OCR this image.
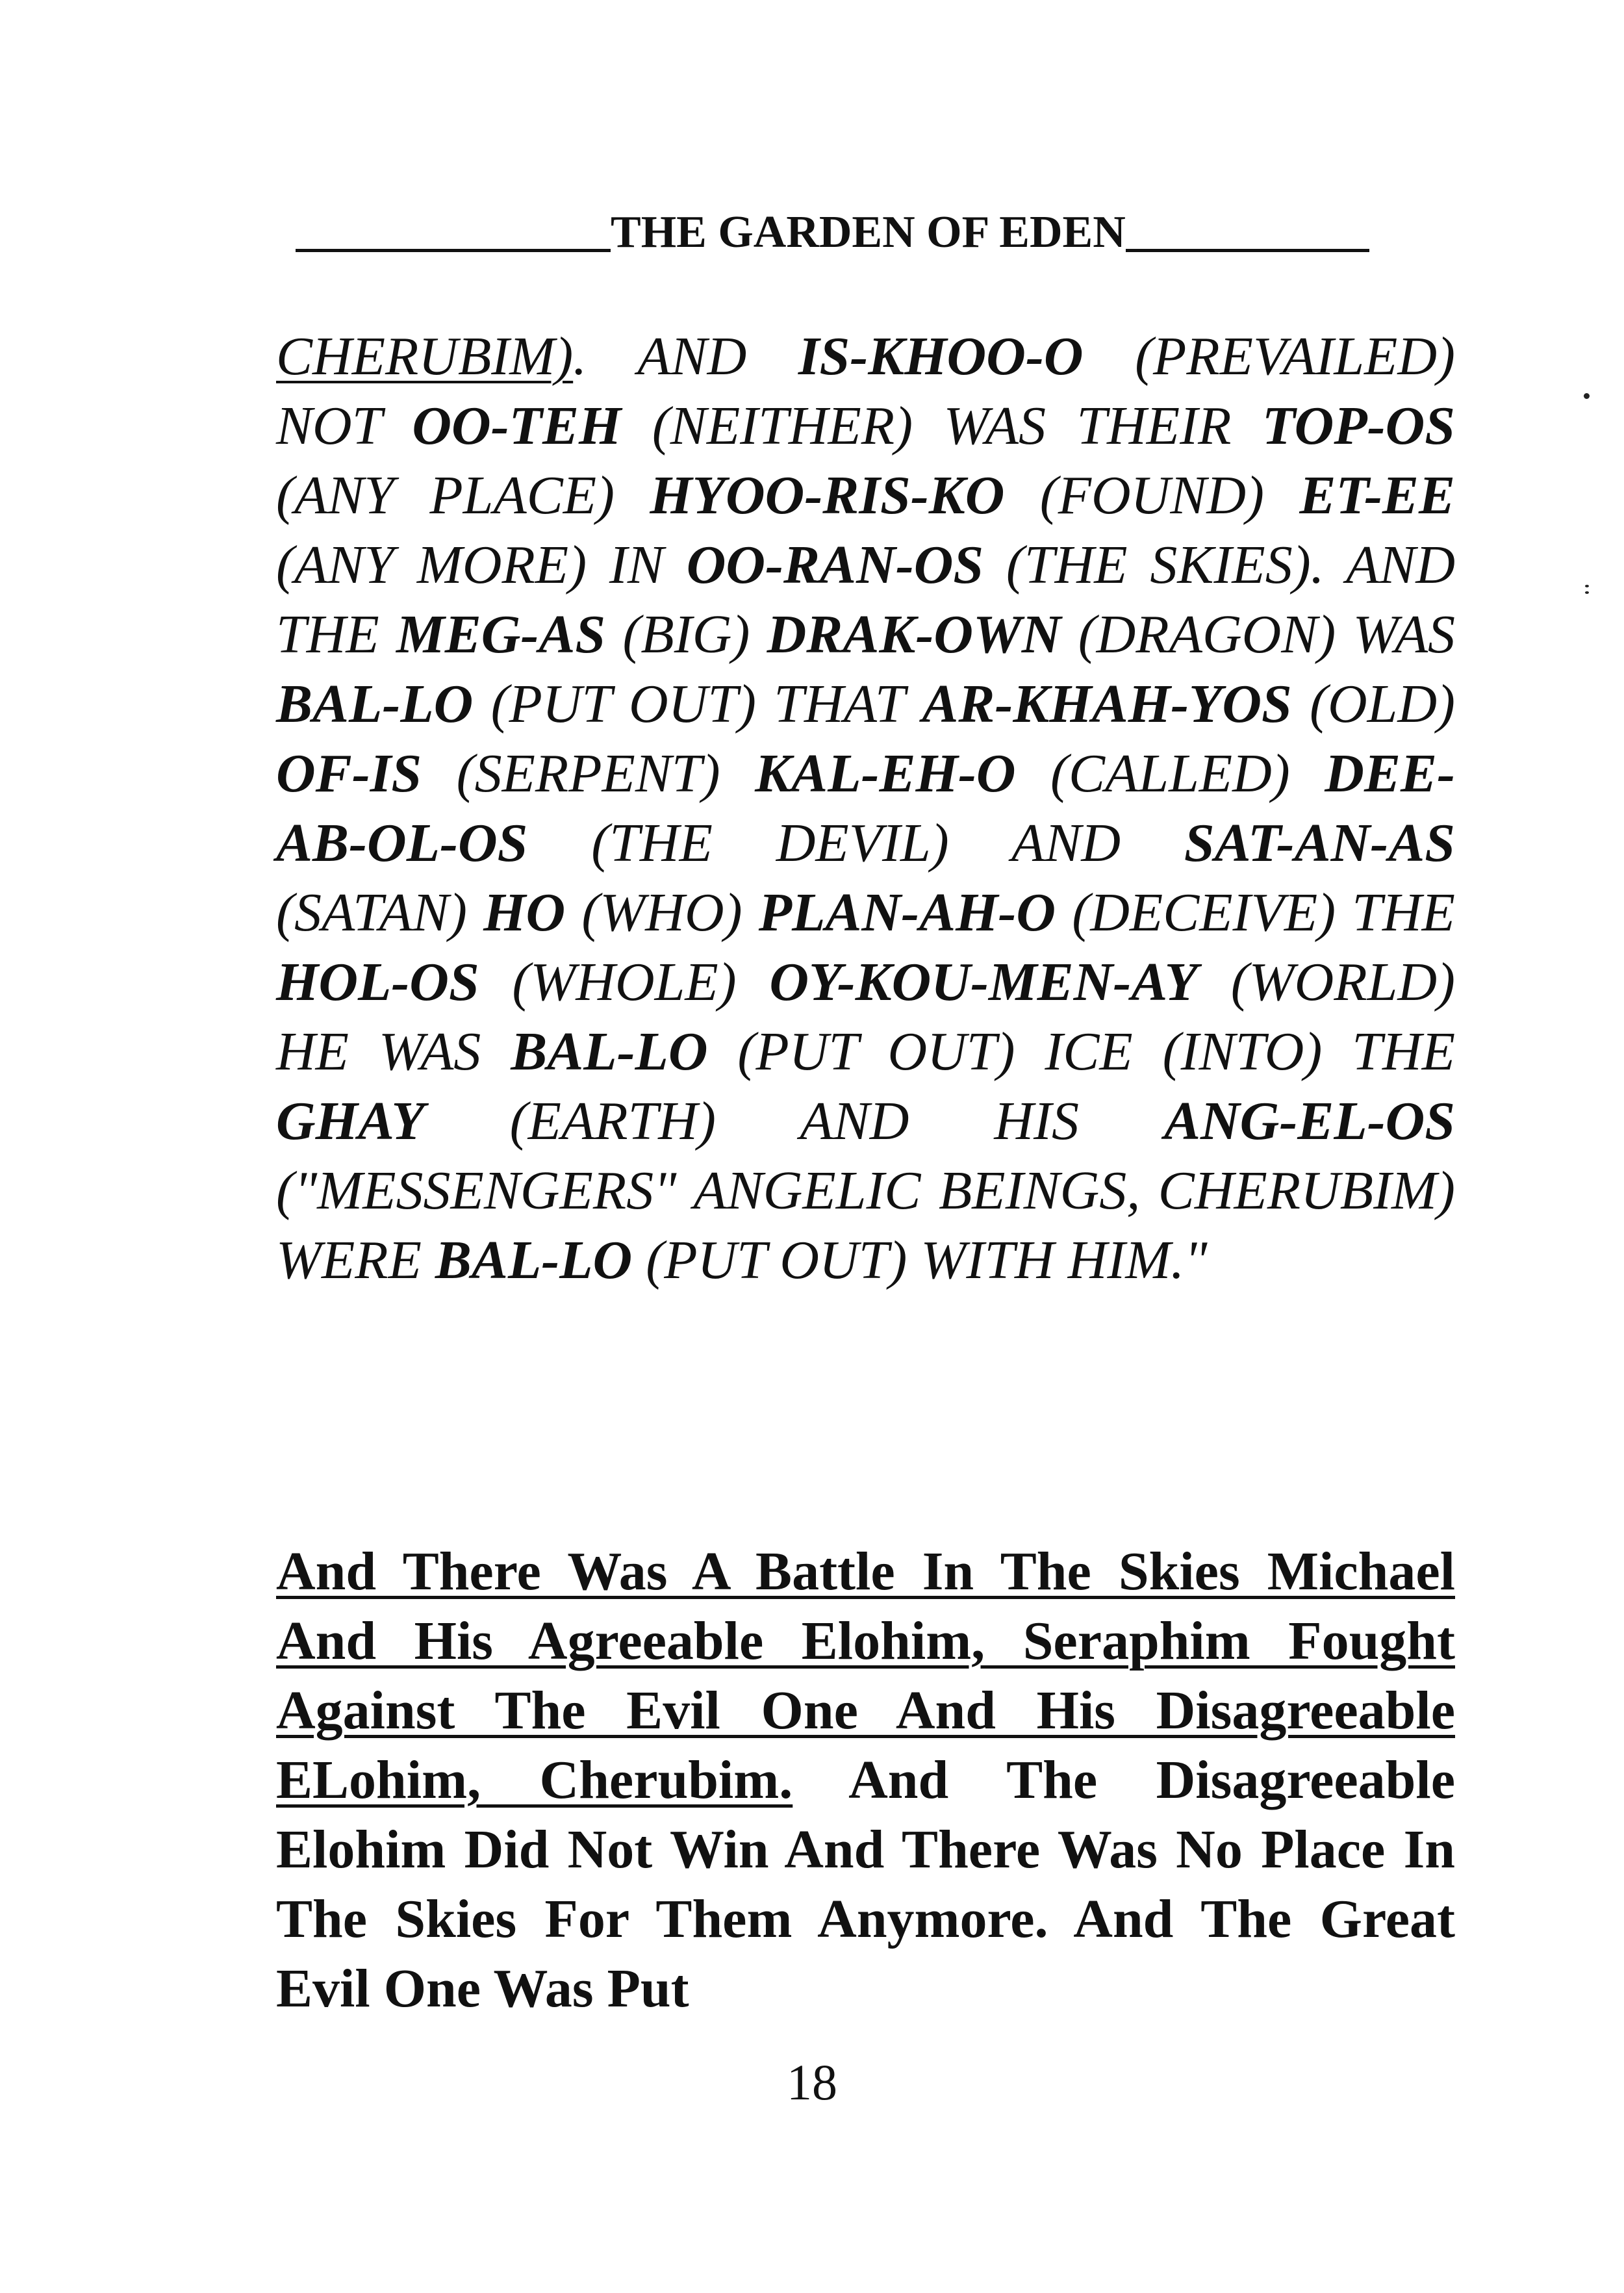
THE GARDEN OF EDEN
CHERUBIM). AND IS-KHOO-O (PREVAILED) NOT OO-TEH (NEITHER) WAS THEIR TOP-OS (ANY PLACE) HYOO-RIS-KO (FOUND) ET-EE (ANY MORE) IN OO-RAN-OS (THE SKIES). AND THE MEG-AS (BIG) DRAK-OWN (DRAGON) WAS BAL-LO (PUT OUT) THAT AR-KHAH-YOS (OLD) OF-IS (SERPENT) KAL-EH-O (CALLED) DEE-AB-OL-OS (THE DEVIL) AND SAT-AN-AS (SATAN) HO (WHO) PLAN-AH-O (DECEIVE) THE HOL-OS (WHOLE) OY-KOU-MEN-AY (WORLD) HE WAS BAL-LO (PUT OUT) ICE (INTO) THE GHAY (EARTH) AND HIS ANG-EL-OS ("MESSENGERS" ANGELIC BEINGS, CHERUBIM) WERE BAL-LO (PUT OUT) WITH HIM."
And There Was A Battle In The Skies Michael And His Agreeable Elohim, Seraphim Fought Against The Evil One And His Disagreeable ELohim, Cherubim. And The Disagreeable Elohim Did Not Win And There Was No Place In The Skies For Them Anymore. And The Great Evil One Was Put
18
